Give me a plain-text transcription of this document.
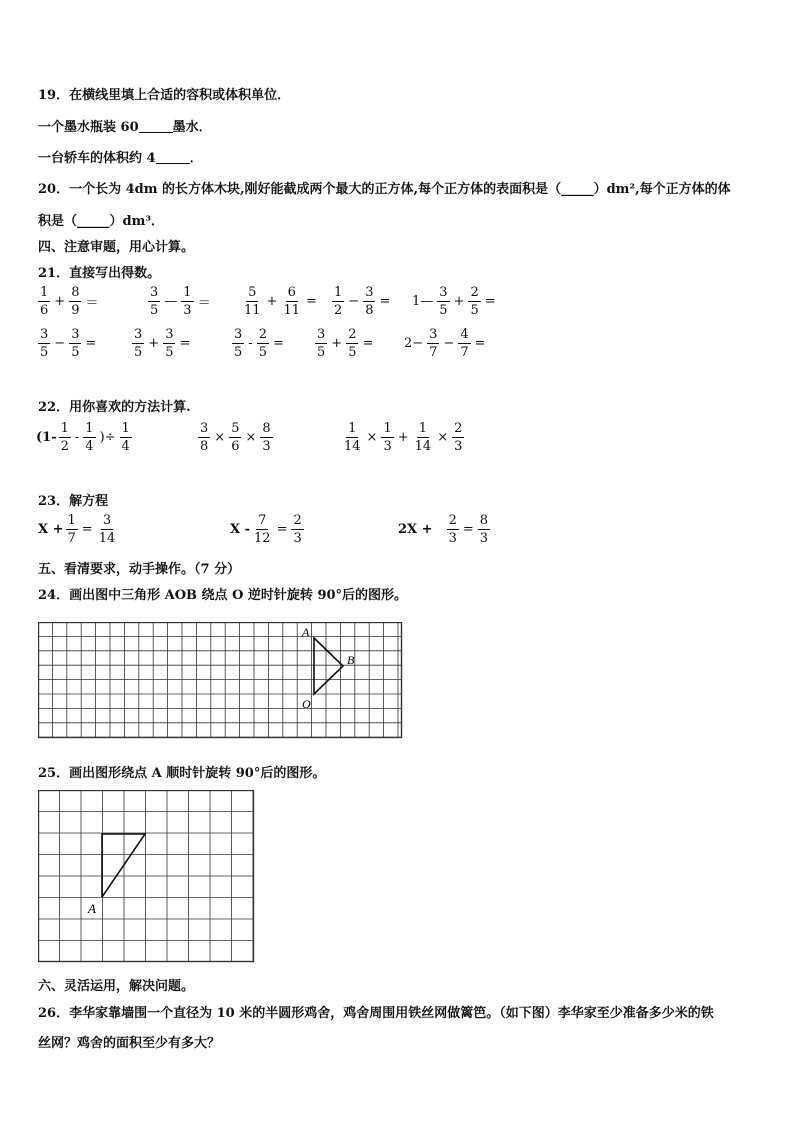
19．在横线里填上合适的容积或体积单位．
一个墨水瓶装 60	墨水．
一台轿车的体积约 4	．
20．一个长为 4dm 的长方体木块,刚好能截成两个最大的正方体,每个正方体的表面积是（_____）dm²,每个正方体的体
积是（_____）dm³．
四、注意审题，用心计算。
21．直接写出得数。
$\frac{1}{6} + \frac{8}{9}$ ＝	$\frac{3}{5}$ — $\frac{1}{3} = \frac{5}{11} + \frac{6}{11} = \frac{1}{2} - \frac{3}{8}$ = 1— $\frac{3}{5} + \frac{2}{5}$ =
$\frac{3}{5} - \frac{3}{5}$ =	$\frac{3}{5} + \frac{3}{5}$ =	$\frac{3}{5} - \frac{2}{5} = \frac{3}{5} + \frac{2}{5} = 2- \frac{3}{7} - \frac{4}{7}$ =
22．用你喜欢的方法计算.
($1- \frac{1}{2} - \frac{1}{4}$ )÷ $\frac{1}{4}$	$\frac{3}{8} \times \frac{5}{6} \times \frac{8}{3}$	$\frac{1}{14} \times \frac{1}{3} + \frac{1}{14} \times \frac{2}{3}$
23．解方程
$X + \frac{1}{7} = \frac{3}{14}$	$X - \frac{7}{12} = \frac{2}{3}$	$2X + \frac{2}{3} = \frac{8}{3}$
五、看清要求，动手操作。（7 分）
24．画出图中三角形 AOB 绕点 O 逆时针旋转 90°后的图形。
A
B
O
25．画出图形绕点 A 顺时针旋转 90°后的图形。
A
六、灵活运用，解决问题。
26．李华家靠墙围一个直径为 10 米的半圆形鸡舍，鸡舍周围用铁丝网做篱笆。（如下图）李华家至少准备多少米的铁
丝网？鸡舍的面积至少有多大？
